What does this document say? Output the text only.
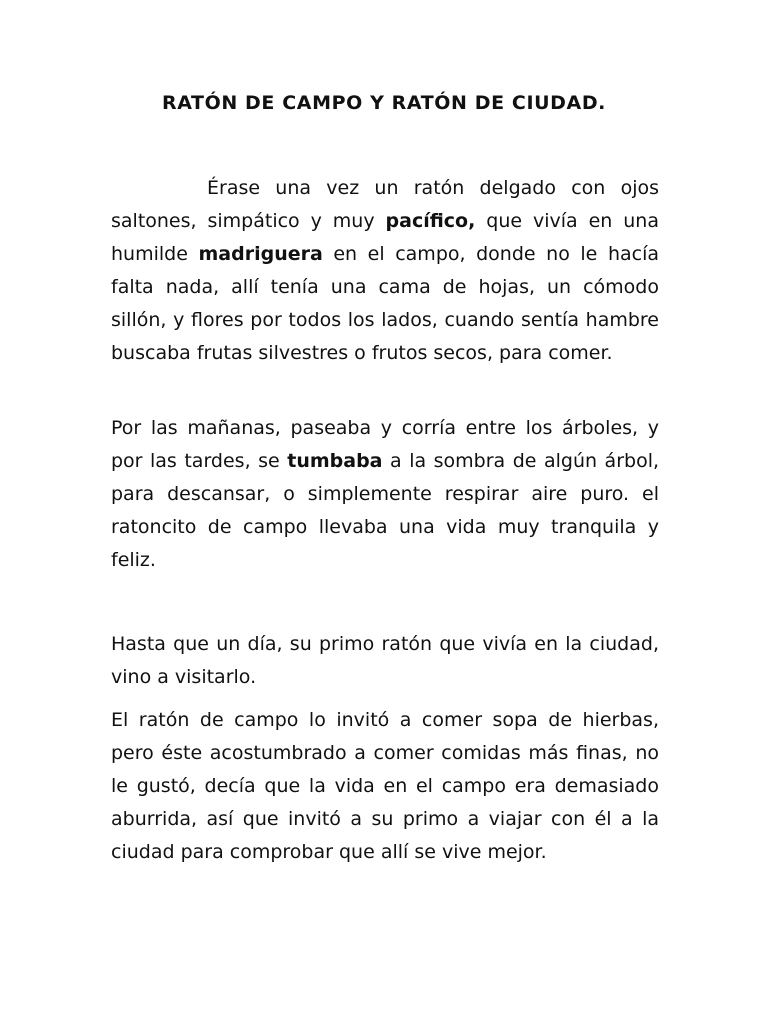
RATÓN DE CAMPO Y RATÓN DE CIUDAD.

Érase una vez un ratón delgado con ojos saltones, simpático y muy pacífico, que vivía en una humilde madriguera en el campo, donde no le hacía falta nada, allí tenía una cama de hojas, un cómodo sillón, y flores por todos los lados, cuando sentía hambre buscaba frutas silvestres o frutos secos, para comer.

Por las mañanas, paseaba y corría entre los árboles, y por las tardes, se tumbaba a la sombra de algún árbol, para descansar, o simplemente respirar aire puro. el ratoncito de campo llevaba una vida muy tranquila y feliz.

Hasta que un día, su primo ratón que vivía en la ciudad, vino a visitarlo.

El ratón de campo lo invitó a comer sopa de hierbas, pero éste acostumbrado a comer comidas más finas, no le gustó, decía que la vida en el campo era demasiado aburrida, así que invitó a su primo a viajar con él a la ciudad para comprobar que allí se vive mejor.
